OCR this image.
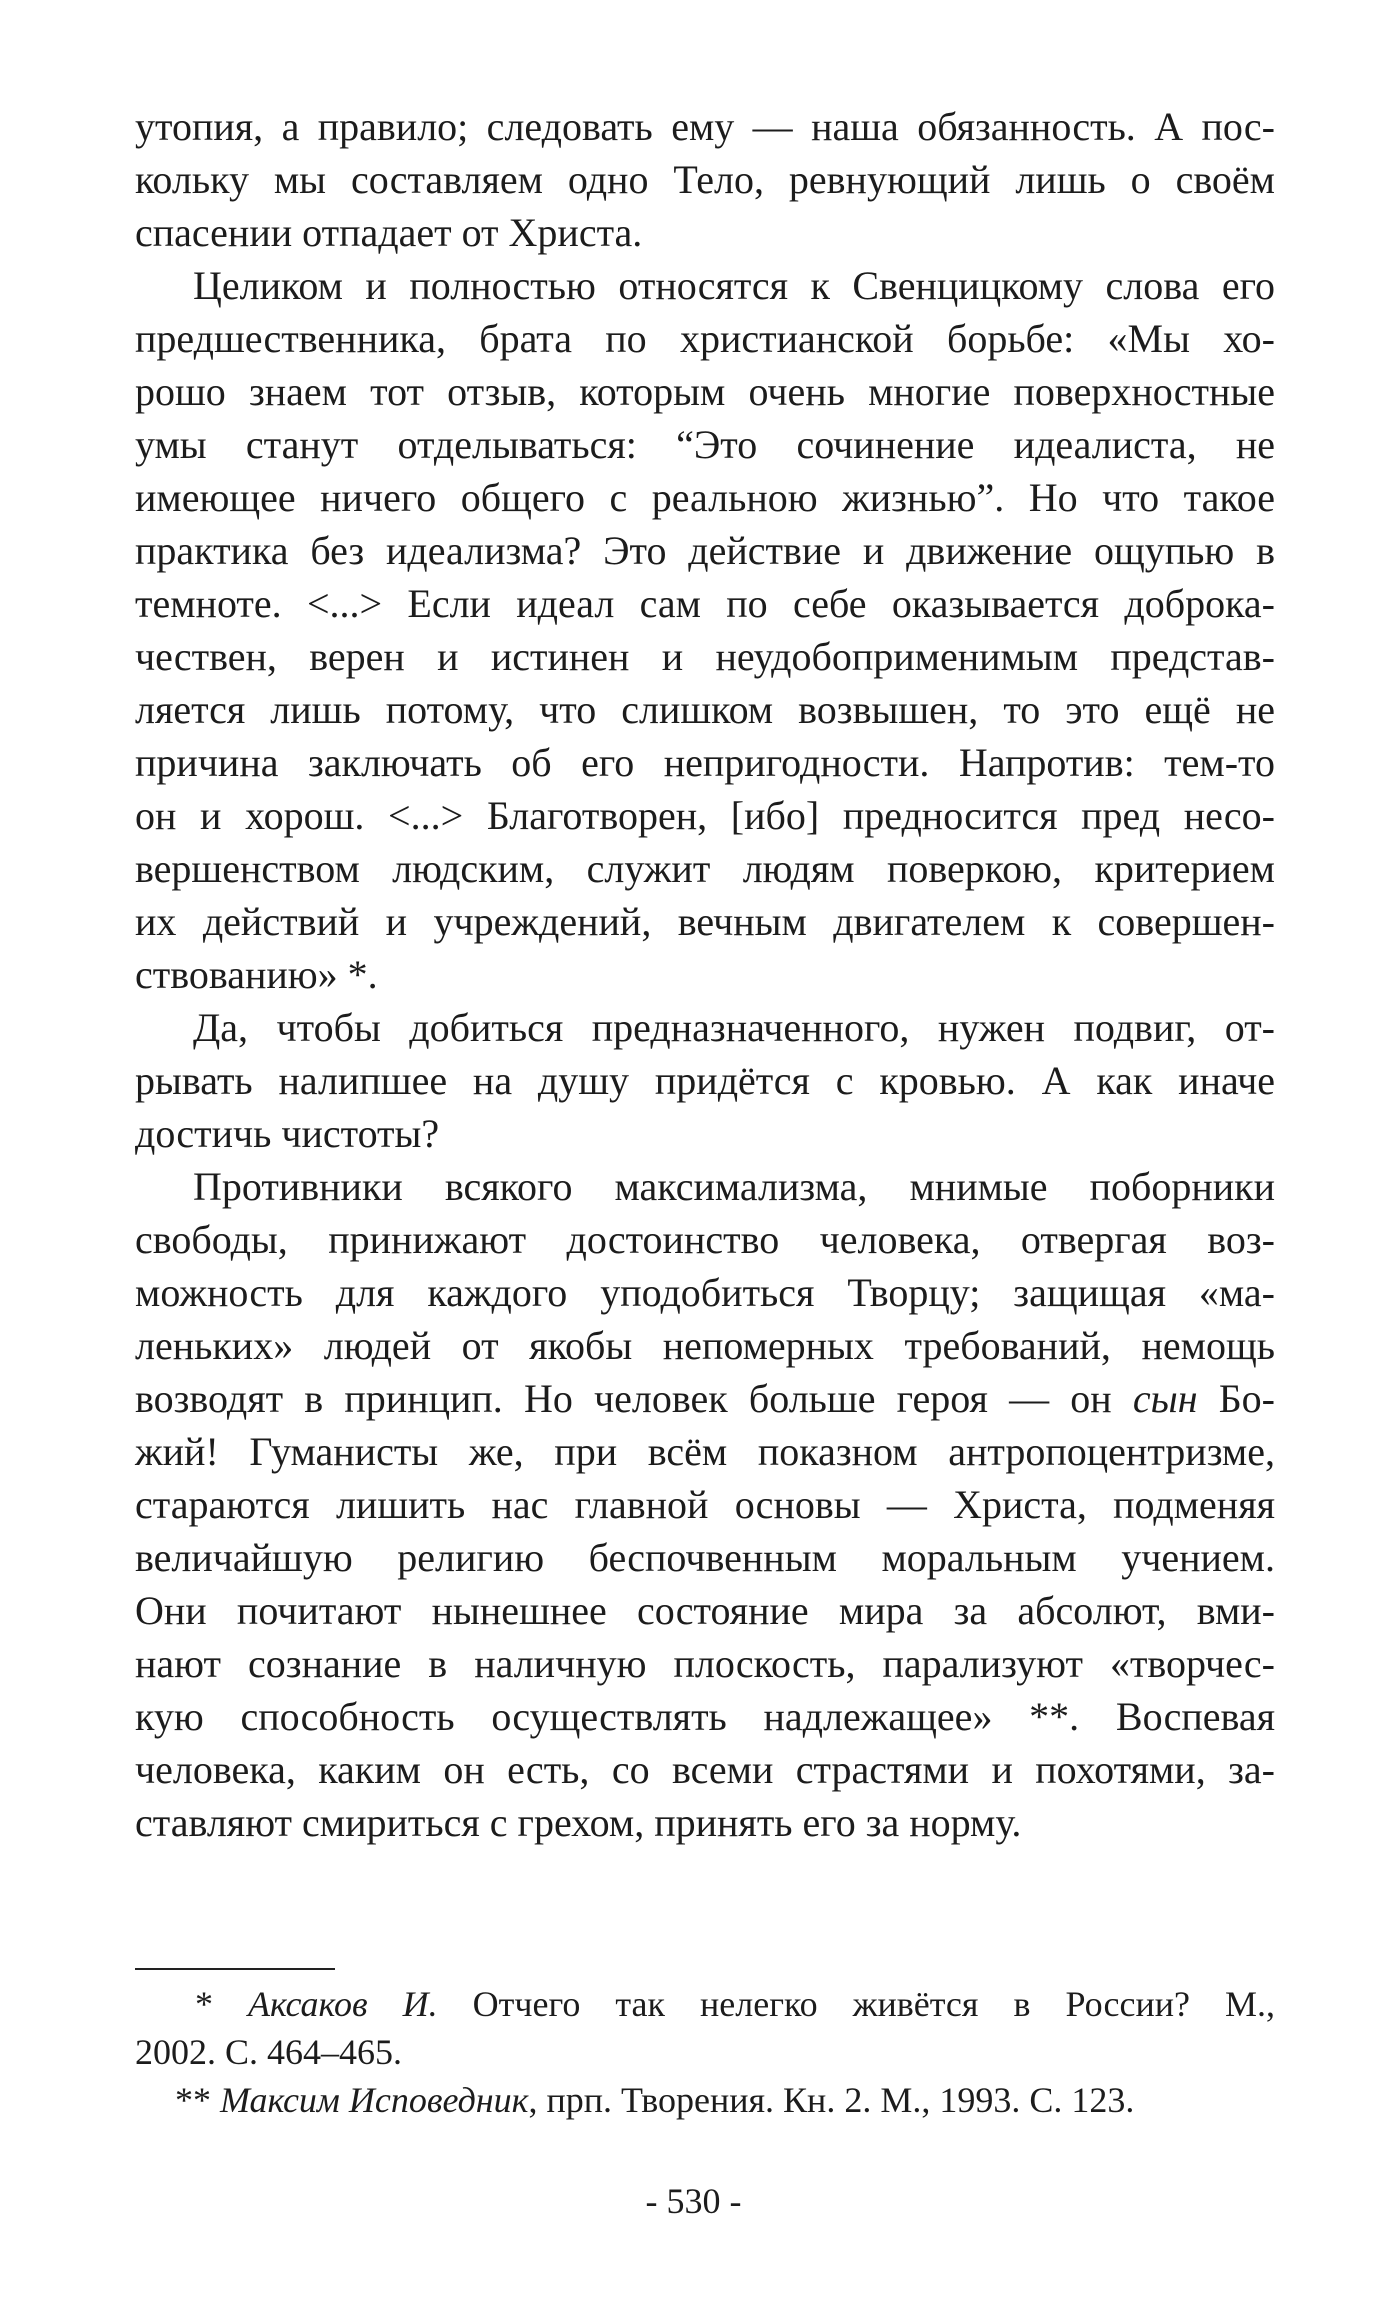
утопия, а правило; следовать ему — наша обязанность. А пос-
кольку мы составляем одно Тело, ревнующий лишь о своём
спасении отпадает от Христа.
Целиком и полностью относятся к Свенцицкому слова его
предшественника, брата по христианской борьбе: «Мы хо-
рошо знаем тот отзыв, которым очень многие поверхностные
умы станут отделываться: “Это сочинение идеалиста, не
имеющее ничего общего с реальною жизнью”. Но что такое
практика без идеализма? Это действие и движение ощупью в
темноте. <...> Если идеал сам по себе оказывается доброка-
чествен, верен и истинен и неудобоприменимым представ-
ляется лишь потому, что слишком возвышен, то это ещё не
причина заключать об его непригодности. Напротив: тем-то
он и хорош. <...> Благотворен, [ибо] предносится пред несо-
вершенством людским, служит людям поверкою, критерием
их действий и учреждений, вечным двигателем к совершен-
ствованию» *.
Да, чтобы добиться предназначенного, нужен подвиг, от-
рывать налипшее на душу придётся с кровью. А как иначе
достичь чистоты?
Противники всякого максимализма, мнимые поборники
свободы, принижают достоинство человека, отвергая воз-
можность для каждого уподобиться Творцу; защищая «ма-
леньких» людей от якобы непомерных требований, немощь
возводят в принцип. Но человек больше героя — он сын Бо-
жий! Гуманисты же, при всём показном антропоцентризме,
стараются лишить нас главной основы — Христа, подменяя
величайшую религию беспочвенным моральным учением.
Они почитают нынешнее состояние мира за абсолют, вми-
нают сознание в наличную плоскость, парализуют «творчес-
кую способность осуществлять надлежащее» **. Воспевая
человека, каким он есть, со всеми страстями и похотями, за-
ставляют смириться с грехом, принять его за норму.
* Аксаков И. Отчего так нелегко живётся в России? М.,
2002. С. 464–465.
** Максим Исповедник, прп. Творения. Кн. 2. М., 1993. С. 123.
- 530 -
